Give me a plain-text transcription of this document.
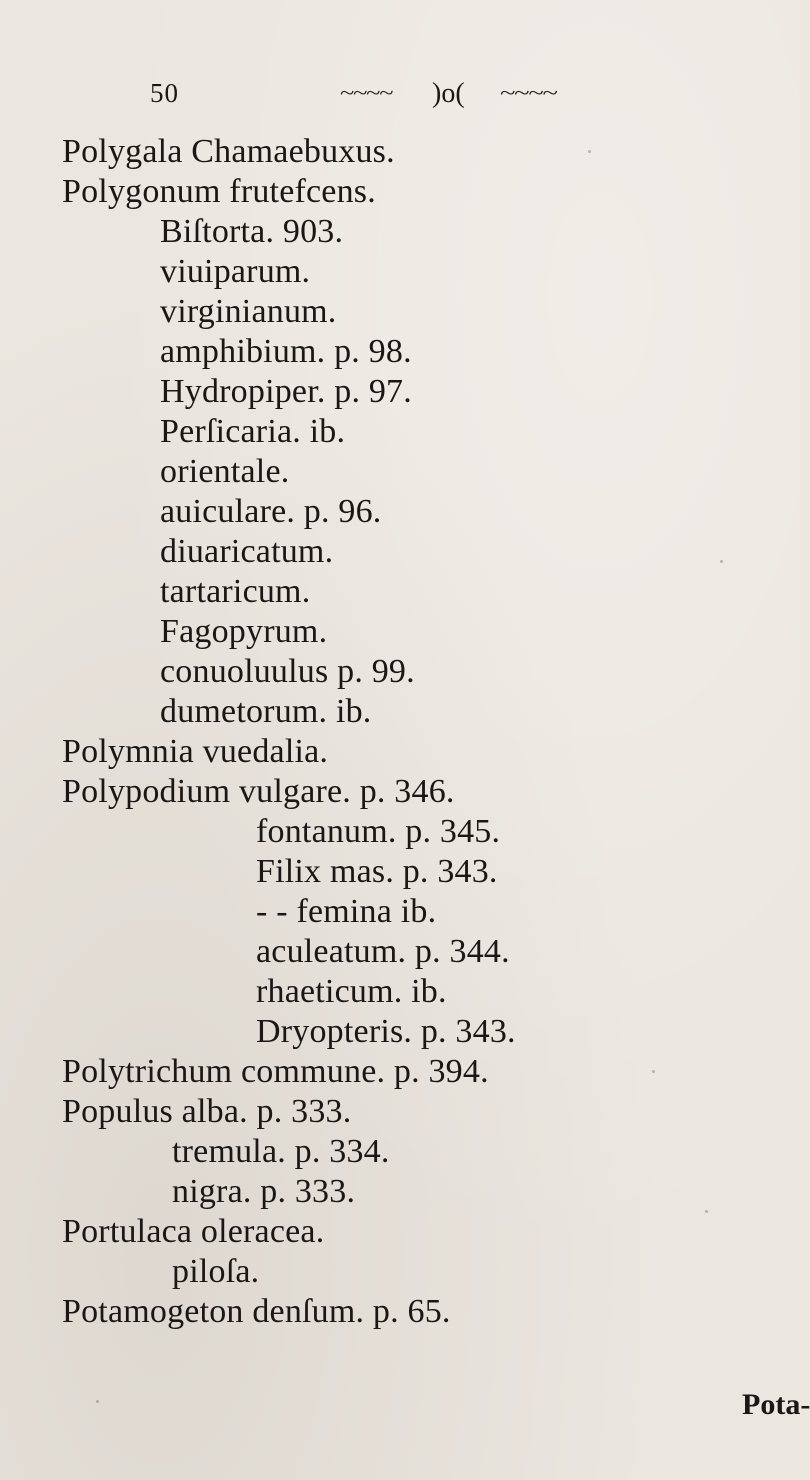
50	~~~~ )o( ~~~~
Polygala Chamaebuxus.
Polygonum frutefcens.
Biſtorta. 903.
viuiparum.
virginianum.
amphibium. p. 98.
Hydropiper. p. 97.
Perſicaria. ib.
orientale.
auiculare. p. 96.
diuaricatum.
tartaricum.
Fagopyrum.
conuoluulus p. 99.
dumetorum. ib.
Polymnia vuedalia.
Polypodium vulgare. p. 346.
fontanum. p. 345.
Filix mas. p. 343.
- - femina ib.
aculeatum. p. 344.
rhaeticum. ib.
Dryopteris. p. 343.
Polytrichum commune. p. 394.
Populus alba. p. 333.
tremula. p. 334.
nigra. p. 333.
Portulaca oleracea.
piloſa.
Potamogeton denſum. p. 65.
Pota-
